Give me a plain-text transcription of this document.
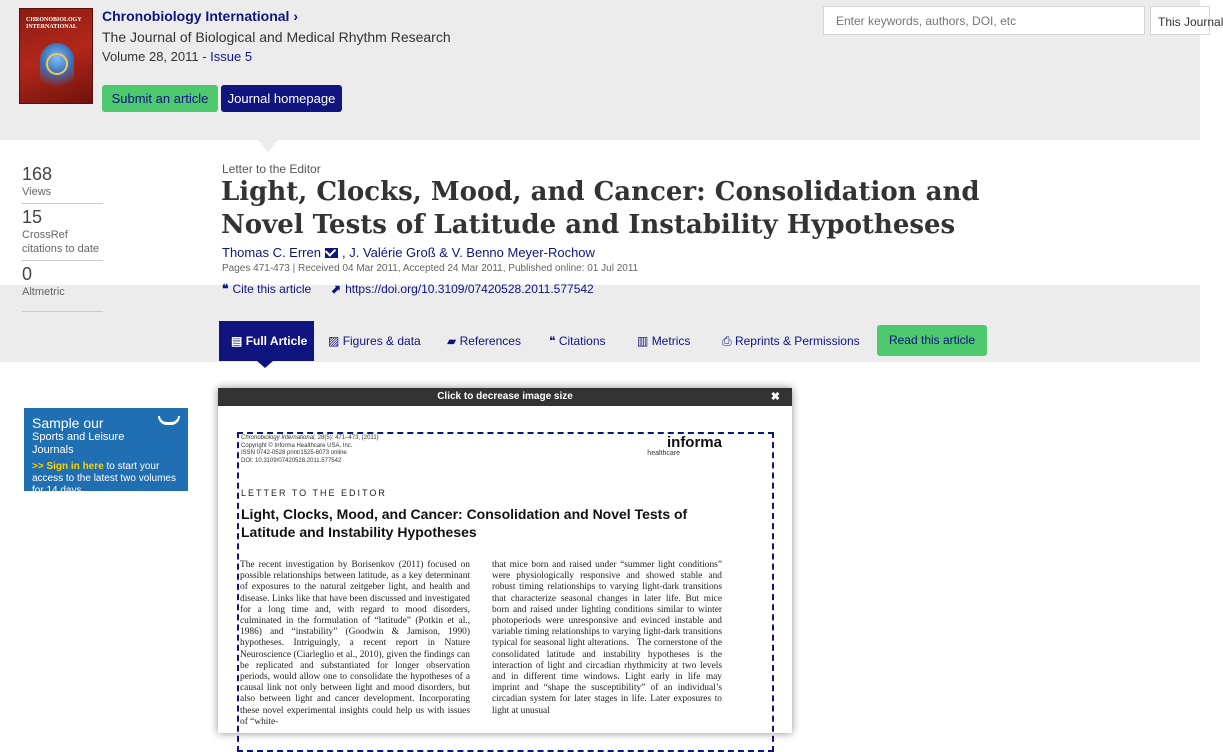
CHRONOBIOLOGY INTERNATIONAL
Chronobiology International ›
The Journal of Biological and Medical Rhythm Research
Volume 28, 2011 - Issue 5
Submit an article	Journal homepage
Enter keywords, authors, DOI, etc
This Journal
168
Views
15
CrossRef citations to date
0
Altmetric
Letter to the Editor
Light, Clocks, Mood, and Cancer: Consolidation and Novel Tests of Latitude and Instability Hypotheses
Thomas C. Erren , J. Valérie Groß & V. Benno Meyer-Rochow
Pages 471-473 | Received 04 Mar 2011, Accepted 24 Mar 2011, Published online: 01 Jul 2011
❝ Cite this article ⬈ https://doi.org/10.3109/07420528.2011.577542
▤ Full Article	▨ Figures & data ▰ References ❝ Citations	▥ Metrics	⎙ Reprints & Permissions	Read this article
Sample our
Sports and Leisure
Journals
>> Sign in here to start your access to the latest two volumes for 14 days
Click to decrease image size	✖
Chronobiology International, 28(5): 471–473, (2011)
Copyright © Informa Healthcare USA, Inc.
ISSN 0742-0528 print/1525-6073 online
DOI: 10.3109/07420528.2011.577542
informa
healthcare
LETTER TO THE EDITOR
Light, Clocks, Mood, and Cancer: Consolidation and Novel Tests of Latitude and Instability Hypotheses
The recent investigation by Borisenkov (2011) focused on possible relationships between latitude, as a key determinant of exposures to the natural zeitgeber light, and health and disease. Links like that have been discussed and investigated for a long time and, with regard to mood disorders, culminated in the formulation of “latitude” (Potkin et al., 1986) and “instability” (Goodwin & Jamison, 1990) hypotheses. Intriguingly, a recent report in Nature Neuroscience (Ciarleglio et al., 2010), given the findings can be replicated and substantiated for longer observation periods, would allow one to consolidate the hypotheses of a causal link not only between light and mood disorders, but also between light and cancer development. Incorporating these novel experimental insights could help us with issues of “white-
that mice born and raised under “summer light conditions” were physiologically responsive and showed stable and robust timing relationships to varying light-dark transitions that characterize seasonal changes in later life. But mice born and raised under lighting conditions similar to winter photoperiods were unresponsive and evinced instable and variable timing relationships to varying light-dark transitions typical for seasonal light alterations.   The cornerstone of the consolidated latitude and instability hypotheses is the interaction of light and circadian rhythmicity at two levels and in different time windows. Light early in life may imprint and “shape the susceptibility” of an individual’s circadian system for later stages in life. Later exposures to light at unusual
